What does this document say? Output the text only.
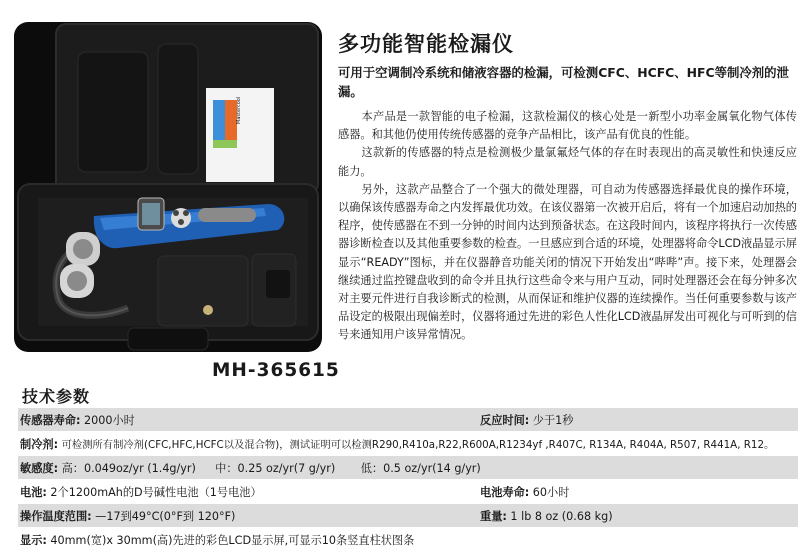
Mastercool
多功能智能检漏仪
可用于空调制冷系统和储液容器的检漏，可检测CFC、HCFC、HFC等制冷剂的泄漏。

本产品是一款智能的电子检漏，这款检漏仪的核心处是一新型小功率金属氧化物气体传感器。和其他仍使用传统传感器的竞争产品相比，该产品有优良的性能。

这款新的传感器的特点是检测极少量氯氟烃气体的存在时表现出的高灵敏性和快速反应能力。

另外，这款产品整合了一个强大的微处理器，可自动为传感器选择最优良的操作环境，以确保该传感器寿命之内发挥最优功效。在该仪器第一次被开启后，将有一个加速启动加热的程序，使传感器在不到一分钟的时间内达到预备状态。在这段时间内，该程序将执行一次传感器诊断检查以及其他重要参数的检查。一旦感应到合适的环境，处理器将命令LCD液晶显示屏显示“READY”图标，并在仪器静音功能关闭的情况下开始发出“哔哔”声。接下来，处理器会继续通过监控键盘收到的命令并且执行这些命令来与用户互动，同时处理器还会在每分钟多次对主要元件进行自我诊断式的检测，从而保证和维护仪器的连续操作。当任何重要参数与该产品设定的极限出现偏差时，仪器将通过先进的彩色人性化LCD液晶屏发出可视化与可听到的信号来通知用户该异常情况。

MH-365615
技术参数
传感器寿命: 2000小时	反应时间: 少于1秒
制冷剂: 可检测所有制冷剂(CFC,HFC,HCFC以及混合物)，测试证明可以检测R290,R410a,R22,R600A,R1234yf ,R407C, R134A, R404A, R507, R441A, R12。
敏感度: 高：0.049oz/yr (1.4g/yr) 中：0.25 oz/yr(7 g/yr) 低：0.5 oz/yr(14 g/yr)
电池: 2个1200mAh的D号碱性电池（1号电池）	电池寿命: 60小时
操作温度范围: —17到49°C(0°F到 120°F)	重量: 1 lb 8 oz (0.68 kg)
显示: 40mm(宽)x 30mm(高)先进的彩色LCD显示屏,可显示10条竖直柱状图条
